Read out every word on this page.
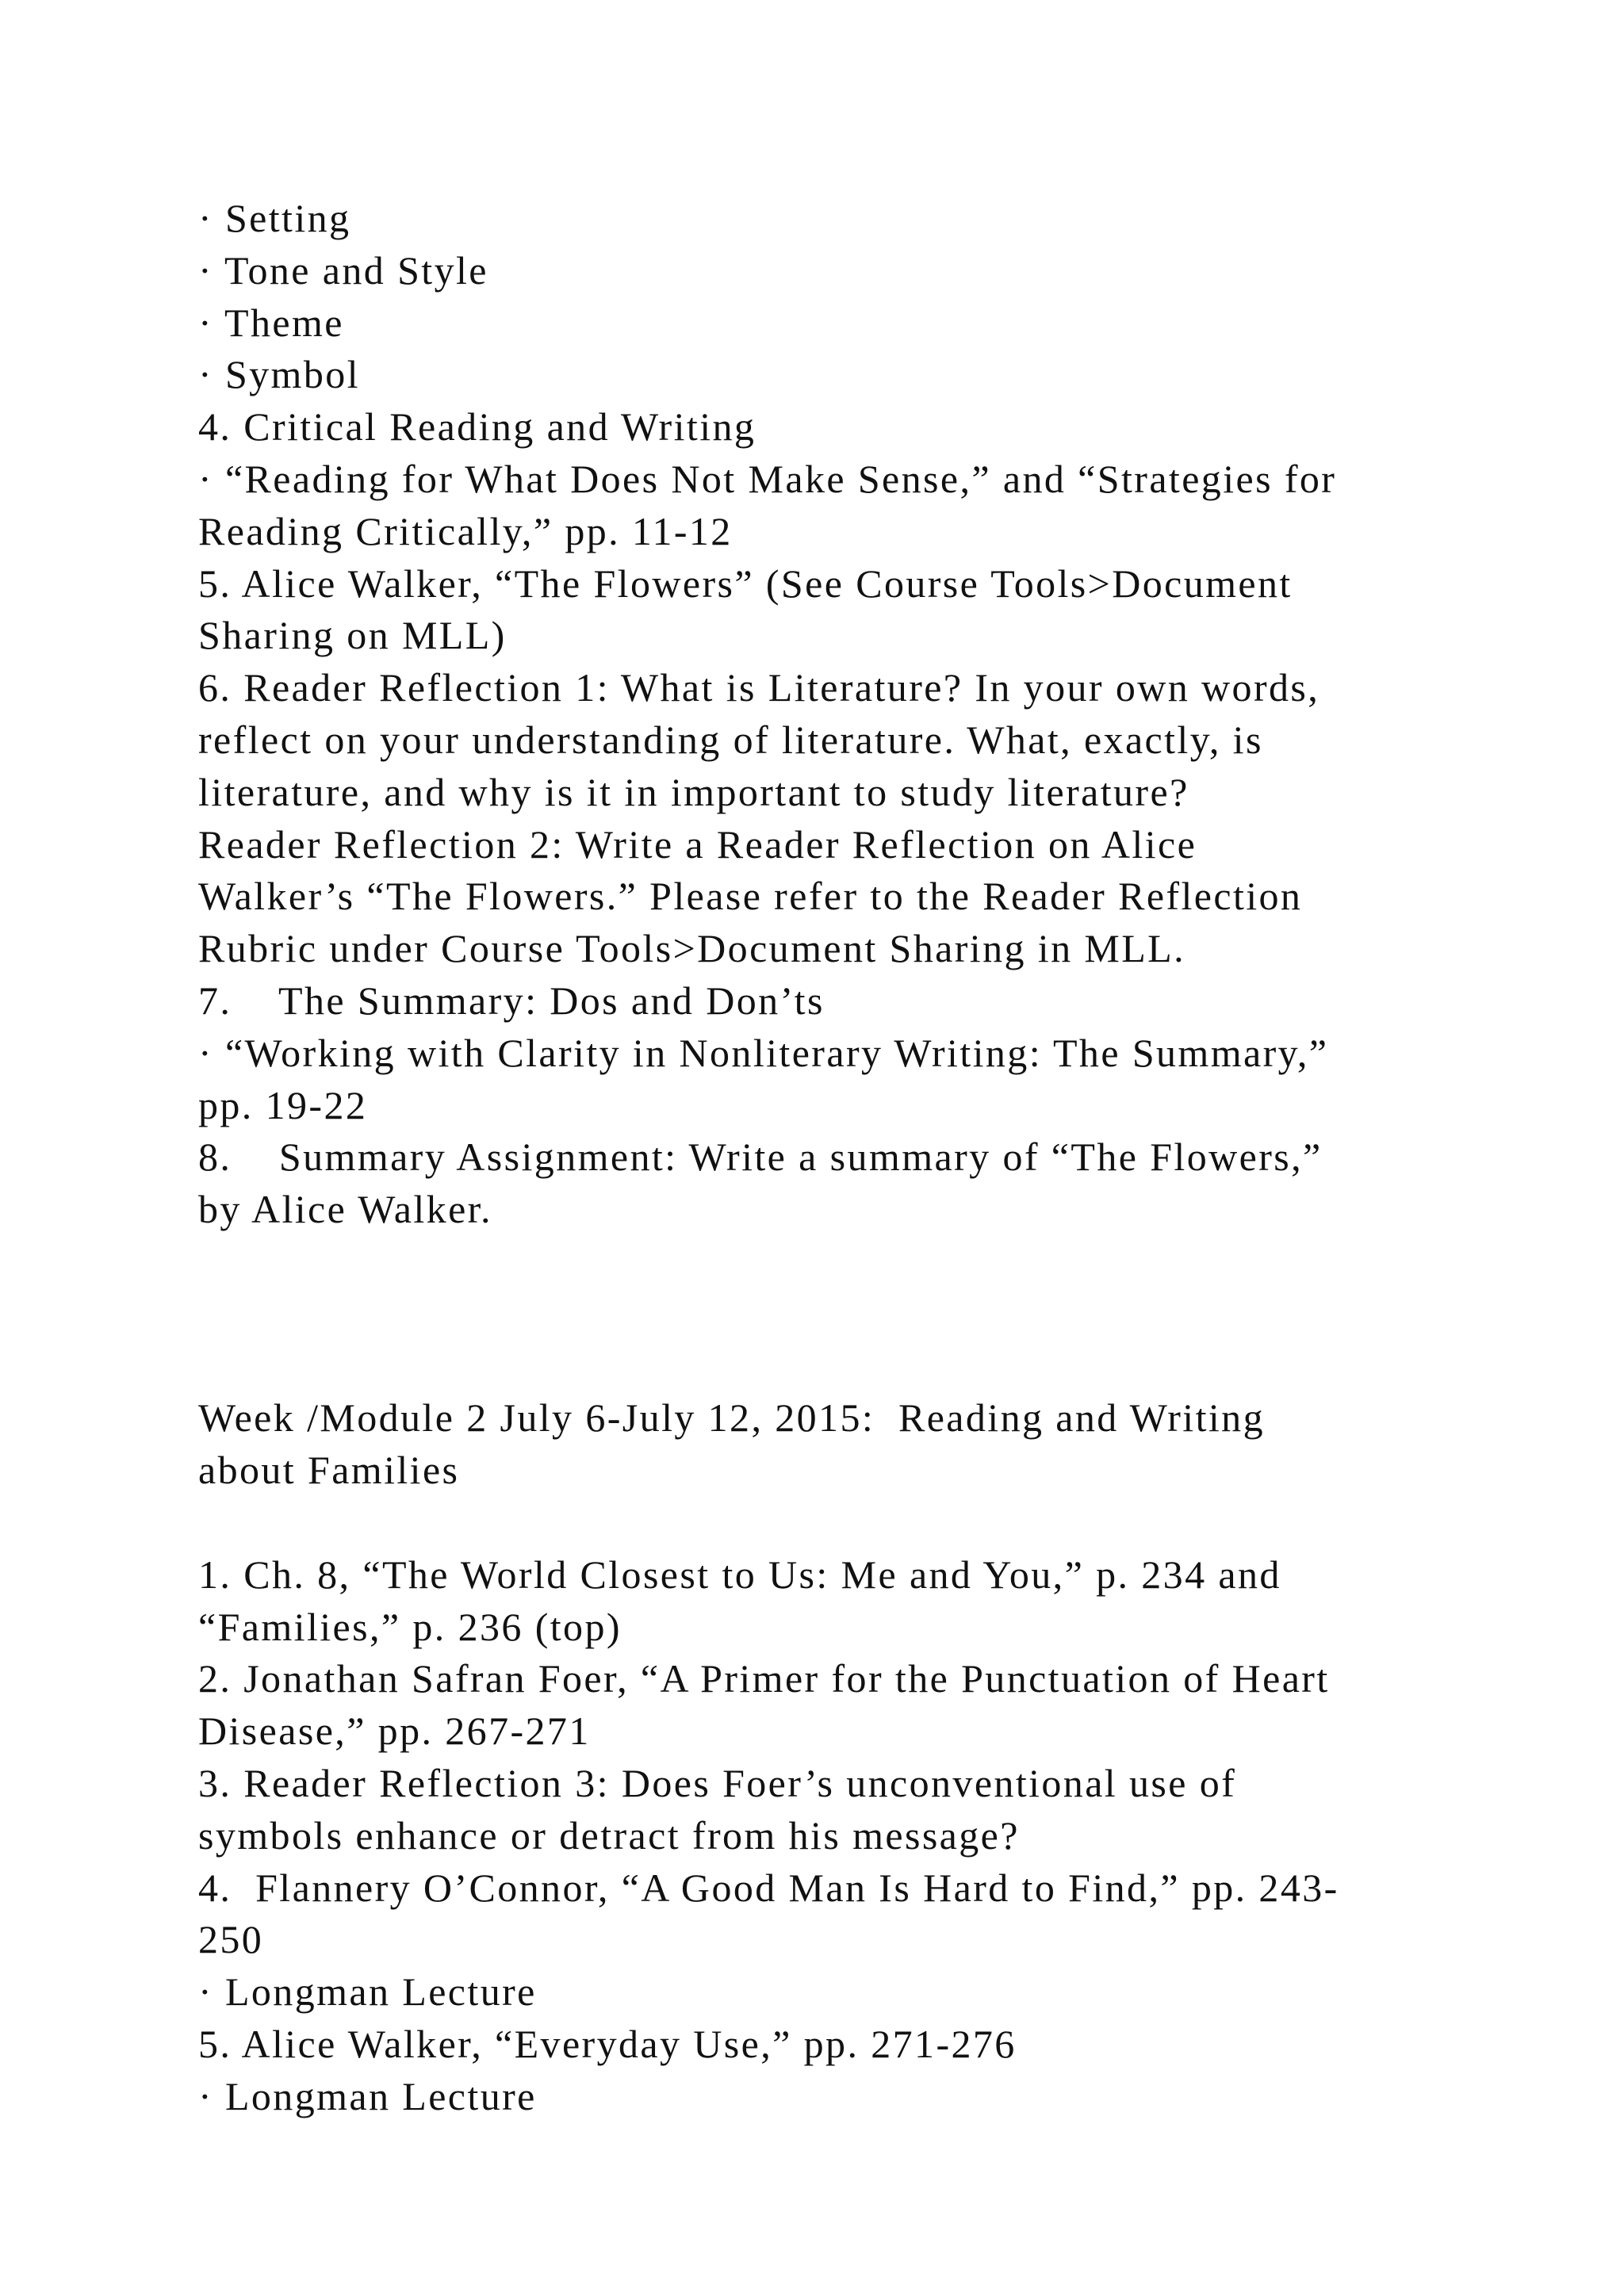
· Setting
· Tone and Style
· Theme
· Symbol
4. Critical Reading and Writing
· “Reading for What Does Not Make Sense,” and “Strategies for
Reading Critically,” pp. 11-12
5. Alice Walker, “The Flowers” (See Course Tools>Document
Sharing on MLL)
6. Reader Reflection 1: What is Literature? In your own words,
reflect on your understanding of literature. What, exactly, is
literature, and why is it in important to study literature?
Reader Reflection 2: Write a Reader Reflection on Alice
Walker’s “The Flowers.” Please refer to the Reader Reflection
Rubric under Course Tools>Document Sharing in MLL.
7.    The Summary: Dos and Don’ts
· “Working with Clarity in Nonliterary Writing: The Summary,”
pp. 19-22
8.    Summary Assignment: Write a summary of “The Flowers,”
by Alice Walker.
Week /Module 2 July 6-July 12, 2015:  Reading and Writing
about Families
1. Ch. 8, “The World Closest to Us: Me and You,” p. 234 and
“Families,” p. 236 (top)
2. Jonathan Safran Foer, “A Primer for the Punctuation of Heart
Disease,” pp. 267-271
3. Reader Reflection 3: Does Foer’s unconventional use of
symbols enhance or detract from his message?
4.  Flannery O’Connor, “A Good Man Is Hard to Find,” pp. 243-
250
· Longman Lecture
5. Alice Walker, “Everyday Use,” pp. 271-276
· Longman Lecture
